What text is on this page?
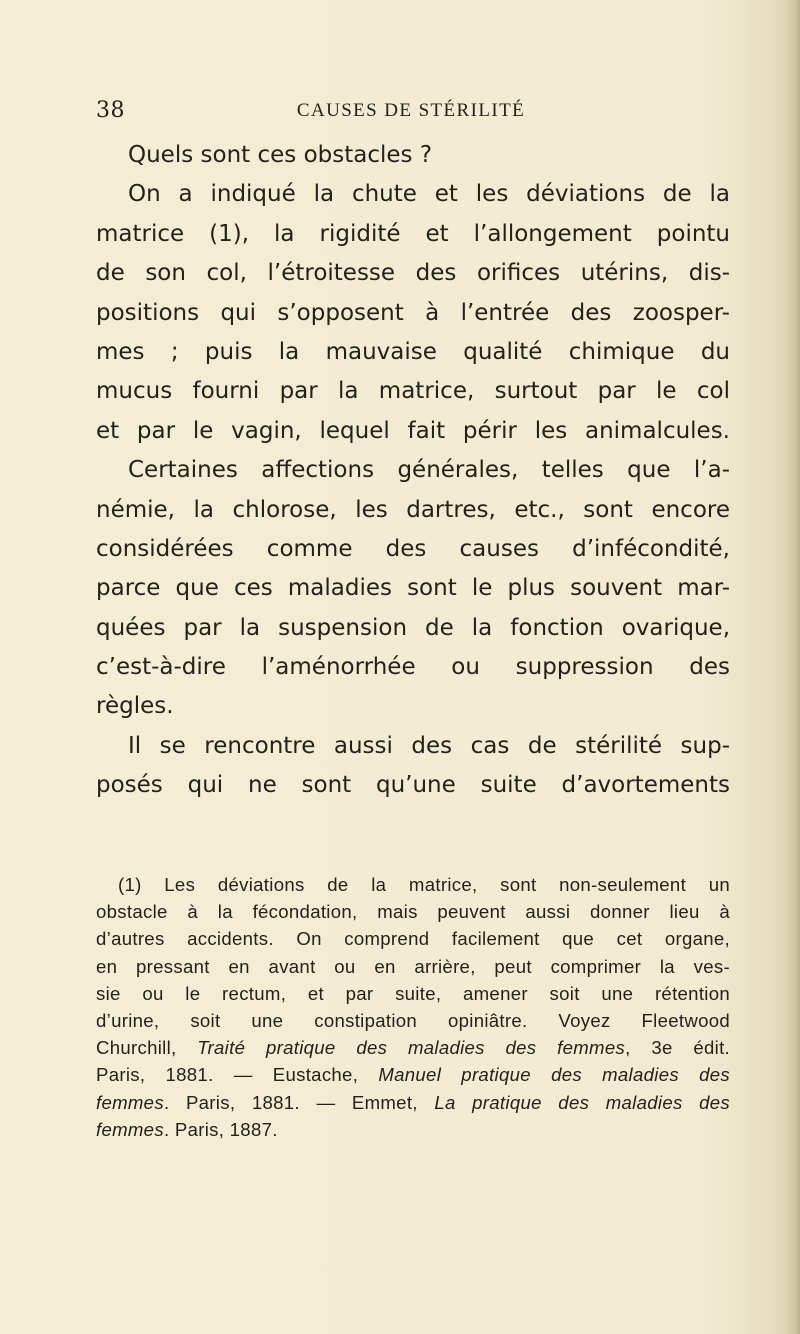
38	CAUSES DE STÉRILITÉ
Quels sont ces obstacles ?
On a indiqué la chute et les déviations de la
matrice (1), la rigidité et l’allongement pointu
de son col, l’étroitesse des orifices utérins, dis-
positions qui s’opposent à l’entrée des zoosper-
mes ; puis la mauvaise qualité chimique du
mucus fourni par la matrice, surtout par le col
et par le vagin, lequel fait périr les animalcules.
Certaines affections générales, telles que l’a-
némie, la chlorose, les dartres, etc., sont encore
considérées comme des causes d’infécondité,
parce que ces maladies sont le plus souvent mar-
quées par la suspension de la fonction ovarique,
c’est-à-dire l’aménorrhée ou suppression des
règles.
Il se rencontre aussi des cas de stérilité sup-
posés qui ne sont qu’une suite d’avortements
(1) Les déviations de la matrice, sont non-seulement un
obstacle à la fécondation, mais peuvent aussi donner lieu à
d’autres accidents. On comprend facilement que cet organe,
en pressant en avant ou en arrière, peut comprimer la ves-
sie ou le rectum, et par suite, amener soit une rétention
d’urine, soit une constipation opiniâtre. Voyez Fleetwood
Churchill, Traité pratique des maladies des femmes, 3e édit.
Paris, 1881. — Eustache, Manuel pratique des maladies des
femmes. Paris, 1881. — Emmet, La pratique des maladies des
femmes. Paris, 1887.
